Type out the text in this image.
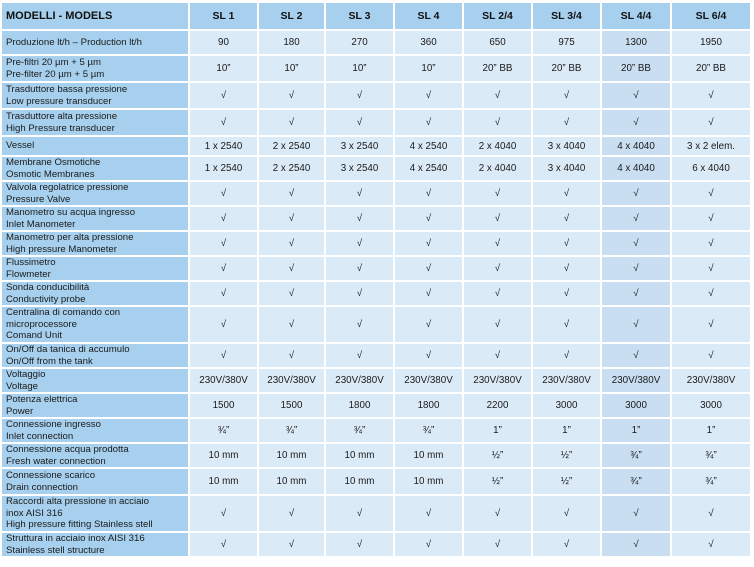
MODELLI - MODELS	SL 1	SL 2	SL 3	SL 4	SL 2/4	SL 3/4	SL 4/4	SL 6/4

Produzione lt/h – Production lt/h	90	180	270	360	650	975	1300	1950

Pre-filtri 20 µm + 5 µm
Pre-filter 20 µm + 5 µm	10”	10”	10”	10”	20” BB	20” BB	20” BB	20” BB

Trasduttore bassa pressione
Low pressure transducer	√	√	√	√	√	√	√	√

Trasduttore alta pressione
High Pressure transducer	√	√	√	√	√	√	√	√

Vessel	1 x 2540	2 x 2540	3 x 2540	4 x 2540	2 x 4040	3 x 4040	4 x 4040	3 x 2 elem.

Membrane Osmotiche
Osmotic Membranes	1 x 2540	2 x 2540	3 x 2540	4 x 2540	2 x 4040	3 x 4040	4 x 4040	6 x 4040

Valvola regolatrice pressione
Pressure Valve	√	√	√	√	√	√	√	√

Manometro su acqua ingresso
Inlet Manometer	√	√	√	√	√	√	√	√

Manometro per alta pressione
High pressure Manometer	√	√	√	√	√	√	√	√

Flussimetro
Flowmeter	√	√	√	√	√	√	√	√

Sonda conducibilità
Conductivity probe	√	√	√	√	√	√	√	√

Centralina di comando con
microprocessore
Comand Unit	√	√	√	√	√	√	√	√

On/Off da tanica di accumulo
On/Off from the tank	√	√	√	√	√	√	√	√

Voltaggio
Voltage	230V/380V	230V/380V	230V/380V	230V/380V	230V/380V	230V/380V	230V/380V	230V/380V

Potenza elettrica
Power	1500	1500	1800	1800	2200	3000	3000	3000

Connessione ingresso
Inlet connection	¾”	¾”	¾”	¾”	1”	1”	1”	1”

Connessione acqua prodotta
Fresh water connection	10 mm	10 mm	10 mm	10 mm	½”	½”	¾”	¾”

Connessione scarico
Drain connection	10 mm	10 mm	10 mm	10 mm	½”	½”	¾”	¾”

Raccordi alta pressione in acciaio
inox AISI 316
High pressure fitting Stainless stell	√	√	√	√	√	√	√	√

Struttura in acciaio inox AISI 316
Stainless stell structure	√	√	√	√	√	√	√	√
